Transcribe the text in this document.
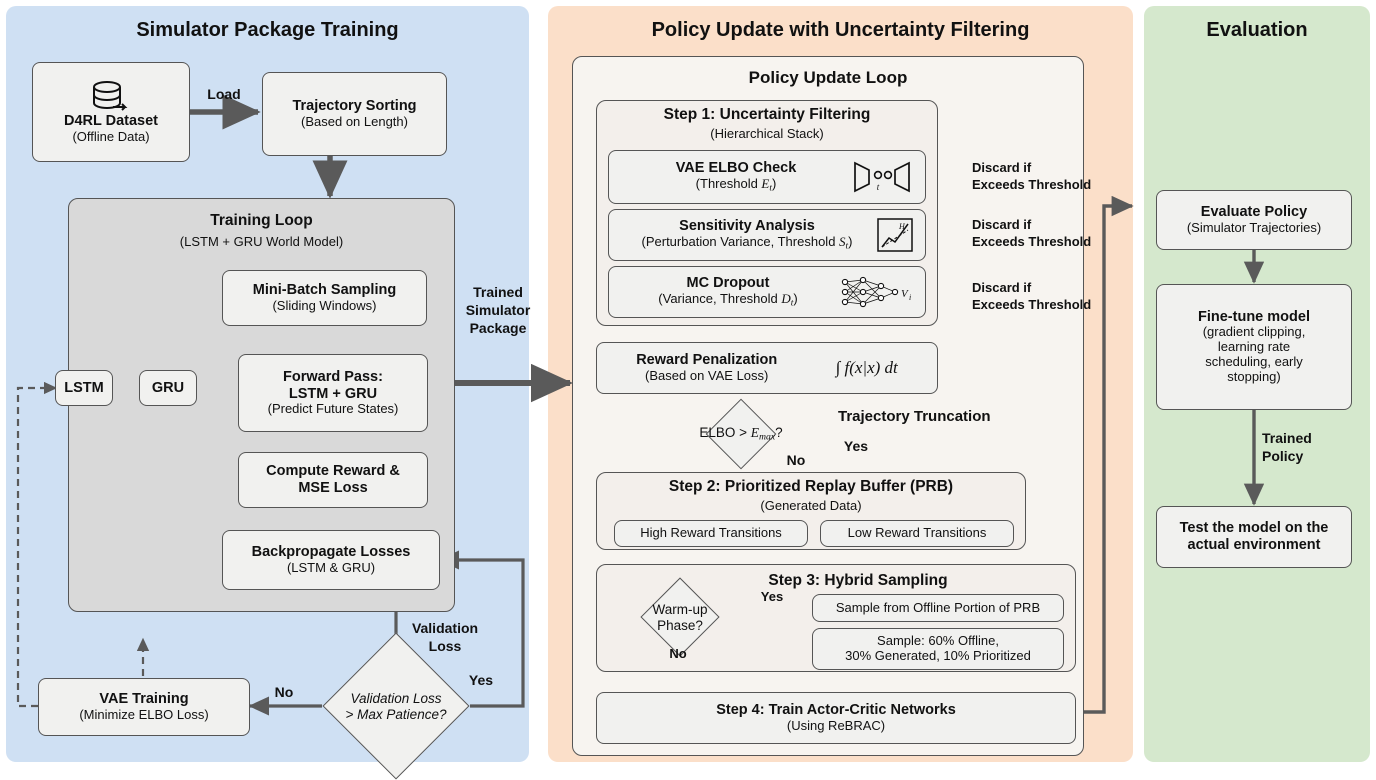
Simulator Package Training	Policy Update with Uncertainty Filtering	Evaluation
D4RL Dataset
(Offline Data)
Load
Trajectory Sorting
(Based on Length)
Training Loop
(LSTM + GRU World Model)
Mini-Batch Sampling
(Sliding Windows)
Forward Pass:
LSTM + GRU
(Predict Future States)
Compute Reward &
MSE Loss
Backpropagate Losses
(LSTM & GRU)
LSTM	GRU
Validation
Loss
Validation Loss
> Max Patience?
Yes
No
VAE Training
(Minimize ELBO Loss)
Trained
Simulator
Package
Policy Update Loop
Step 1: Uncertainty Filtering
(Hierarchical Stack)
VAE ELBO Check
(Threshold $E_t$)	t
Sensitivity Analysis
(Perturbation Variance, Threshold $S_t$)
H
MC Dropout
(Variance, Threshold $D_t$)	V i
Discard if
Exceeds Threshold
Discard if
Exceeds Threshold
Discard if
Exceeds Threshold
Reward Penalization
(Based on VAE Loss)	∫ f(x|x) dt
ELBO > $E_{max}$?
Yes
No
Trajectory Truncation
Step 2: Prioritized Replay Buffer (PRB)
(Generated Data)
High Reward Transitions	Low Reward Transitions
Step 3: Hybrid Sampling
Warm-up
Phase?
Yes
No
Sample from Offline Portion of PRB
Sample: 60% Offline,
30% Generated, 10% Prioritized
Step 4: Train Actor-Critic Networks
(Using ReBRAC)
Evaluate Policy
(Simulator Trajectories)
Fine-tune model
(gradient clipping,
learning rate
scheduling, early
stopping)
Trained
Policy
Test the model on the
actual environment
